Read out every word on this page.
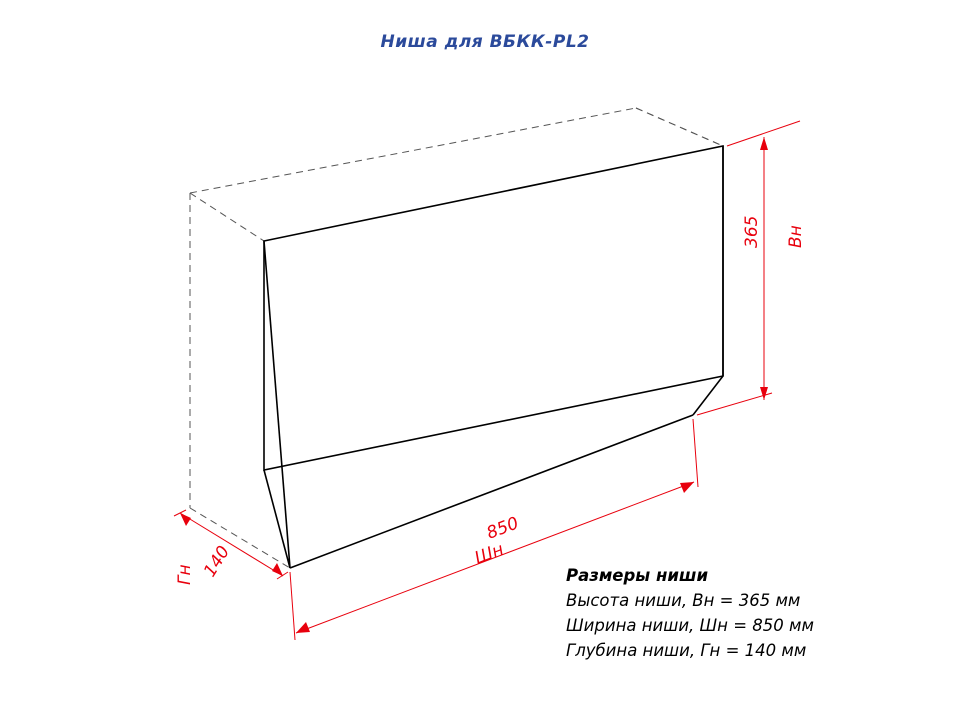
Ниша для ВБКК-PL2
365 Вн
850
Шн
140
Гн	Размеры ниши
Высота ниши, Вн = 365 мм
Ширина ниши, Шн = 850 мм
Глубина ниши, Гн = 140 мм
